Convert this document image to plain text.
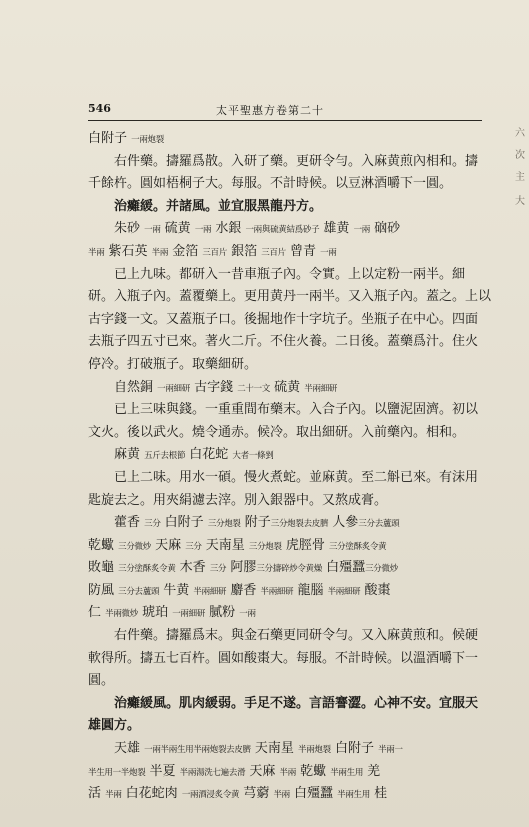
546	太平聖惠方卷第二十
六
次
主
大
白附子 一兩炮裂
右件藥。擣羅爲散。入研了藥。更研令勻。入麻黄煎內相和。擣
千餘杵。圓如梧桐子大。每服。不計時候。以豆淋酒嚼下一圓。
治癱緩。并諸風。並宜服黑龍丹方。
朱砂 一兩 硫黄 一兩 水銀 一兩與硫黄結爲砂子 雄黄 一兩 硇砂
半兩 紫石英 半兩 金箔 三百片 銀箔 三百片 曾青 一兩
已上九味。都研入一昔車瓶子內。令實。上以定粉一兩半。細
研。入瓶子內。蓋覆藥上。更用黄丹一兩半。又入瓶子內。蓋之。上以
古字錢一文。又蓋瓶子口。後掘地作十字坑子。坐瓶子在中心。四面
去瓶子四五寸已來。著火二斤。不住火養。二日後。蓋藥爲汁。住火
停冷。打破瓶子。取藥細研。
自然銅 一兩細研 古字錢 二十一文 硫黄 半兩細研
已上三味與錢。一重重間布藥末。入合子內。以鹽泥固濟。初以
文火。後以武火。燒令通赤。候冷。取出細研。入前藥內。相和。
麻黄 五斤去根節 白花蛇 大者一條剉
已上二味。用水一碩。慢火煮蛇。並麻黄。至二斛已來。有沫用
匙旋去之。用夾絹濾去滓。別入銀器中。又熬成膏。
藿香 三分 白附子 三分炮裂 附子三分炮裂去皮臍 人參三分去蘆頭
乾蠍 三分微炒 天麻 三分 天南星 三分炮裂 虎脛骨 三分塗酥炙令黄
敗龜 三分塗酥炙令黄 木香 三分 阿膠三分擣碎炒令黄燥 白殭蠶三分微炒
防風 三分去蘆頭 牛黄 半兩細研 麝香 半兩細研 龍腦 半兩細研 酸棗
仁 半兩微炒 琥珀 一兩細研 膩粉 一兩
右件藥。擣羅爲末。與金石藥更同研令勻。又入麻黄煎和。候硬
軟得所。擣五七百杵。圓如酸棗大。每服。不計時候。以溫酒嚼下一
圓。
治癱緩風。肌肉緩弱。手足不遂。言語謇澀。心神不安。宜服天
雄圓方。
天雄 一兩半兩生用半兩炮裂去皮臍 天南星 半兩炮裂 白附子 半兩一
半生用一半炮裂 半夏 半兩湯洗七遍去滑 天麻 半兩 乾蠍 半兩生用 羌
活 半兩 白花蛇肉 一兩酒浸炙令黄 芎藭 半兩 白殭蠶 半兩生用 桂
